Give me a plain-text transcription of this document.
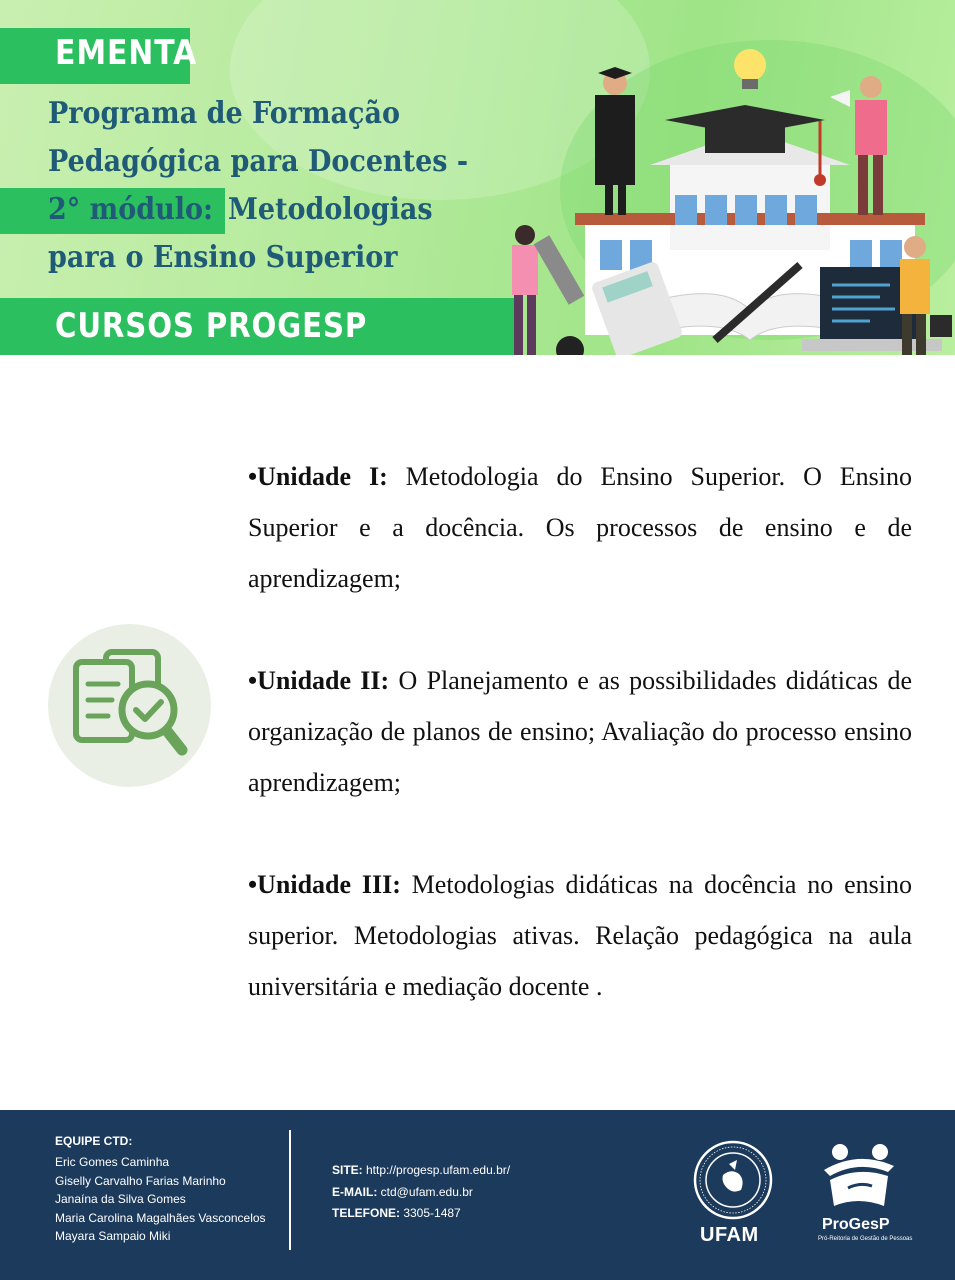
EMENTA
Programa de Formação
Pedagógica para Docentes -
2° módulo: Metodologias
para o Ensino Superior
CURSOS PROGESP
•Unidade I: Metodologia do Ensino Superior. O Ensino Superior e a docência. Os processos de ensino e de aprendizagem;
•Unidade II: O Planejamento e as possibilidades didáticas de organização de planos de ensino; Avaliação do processo ensino aprendizagem;
•Unidade III: Metodologias didáticas na docência no ensino superior. Metodologias ativas. Relação pedagógica na aula universitária e mediação docente .
EQUIPE CTD:
Eric Gomes Caminha
Giselly Carvalho Farias Marinho
Janaína da Silva Gomes
Maria Carolina Magalhães Vasconcelos
Mayara Sampaio Miki
SITE: http://progesp.ufam.edu.br/
E-MAIL: ctd@ufam.edu.br
TELEFONE: 3305-1487
UFAM	ProGesP
Pró-Reitoria de Gestão de Pessoas
